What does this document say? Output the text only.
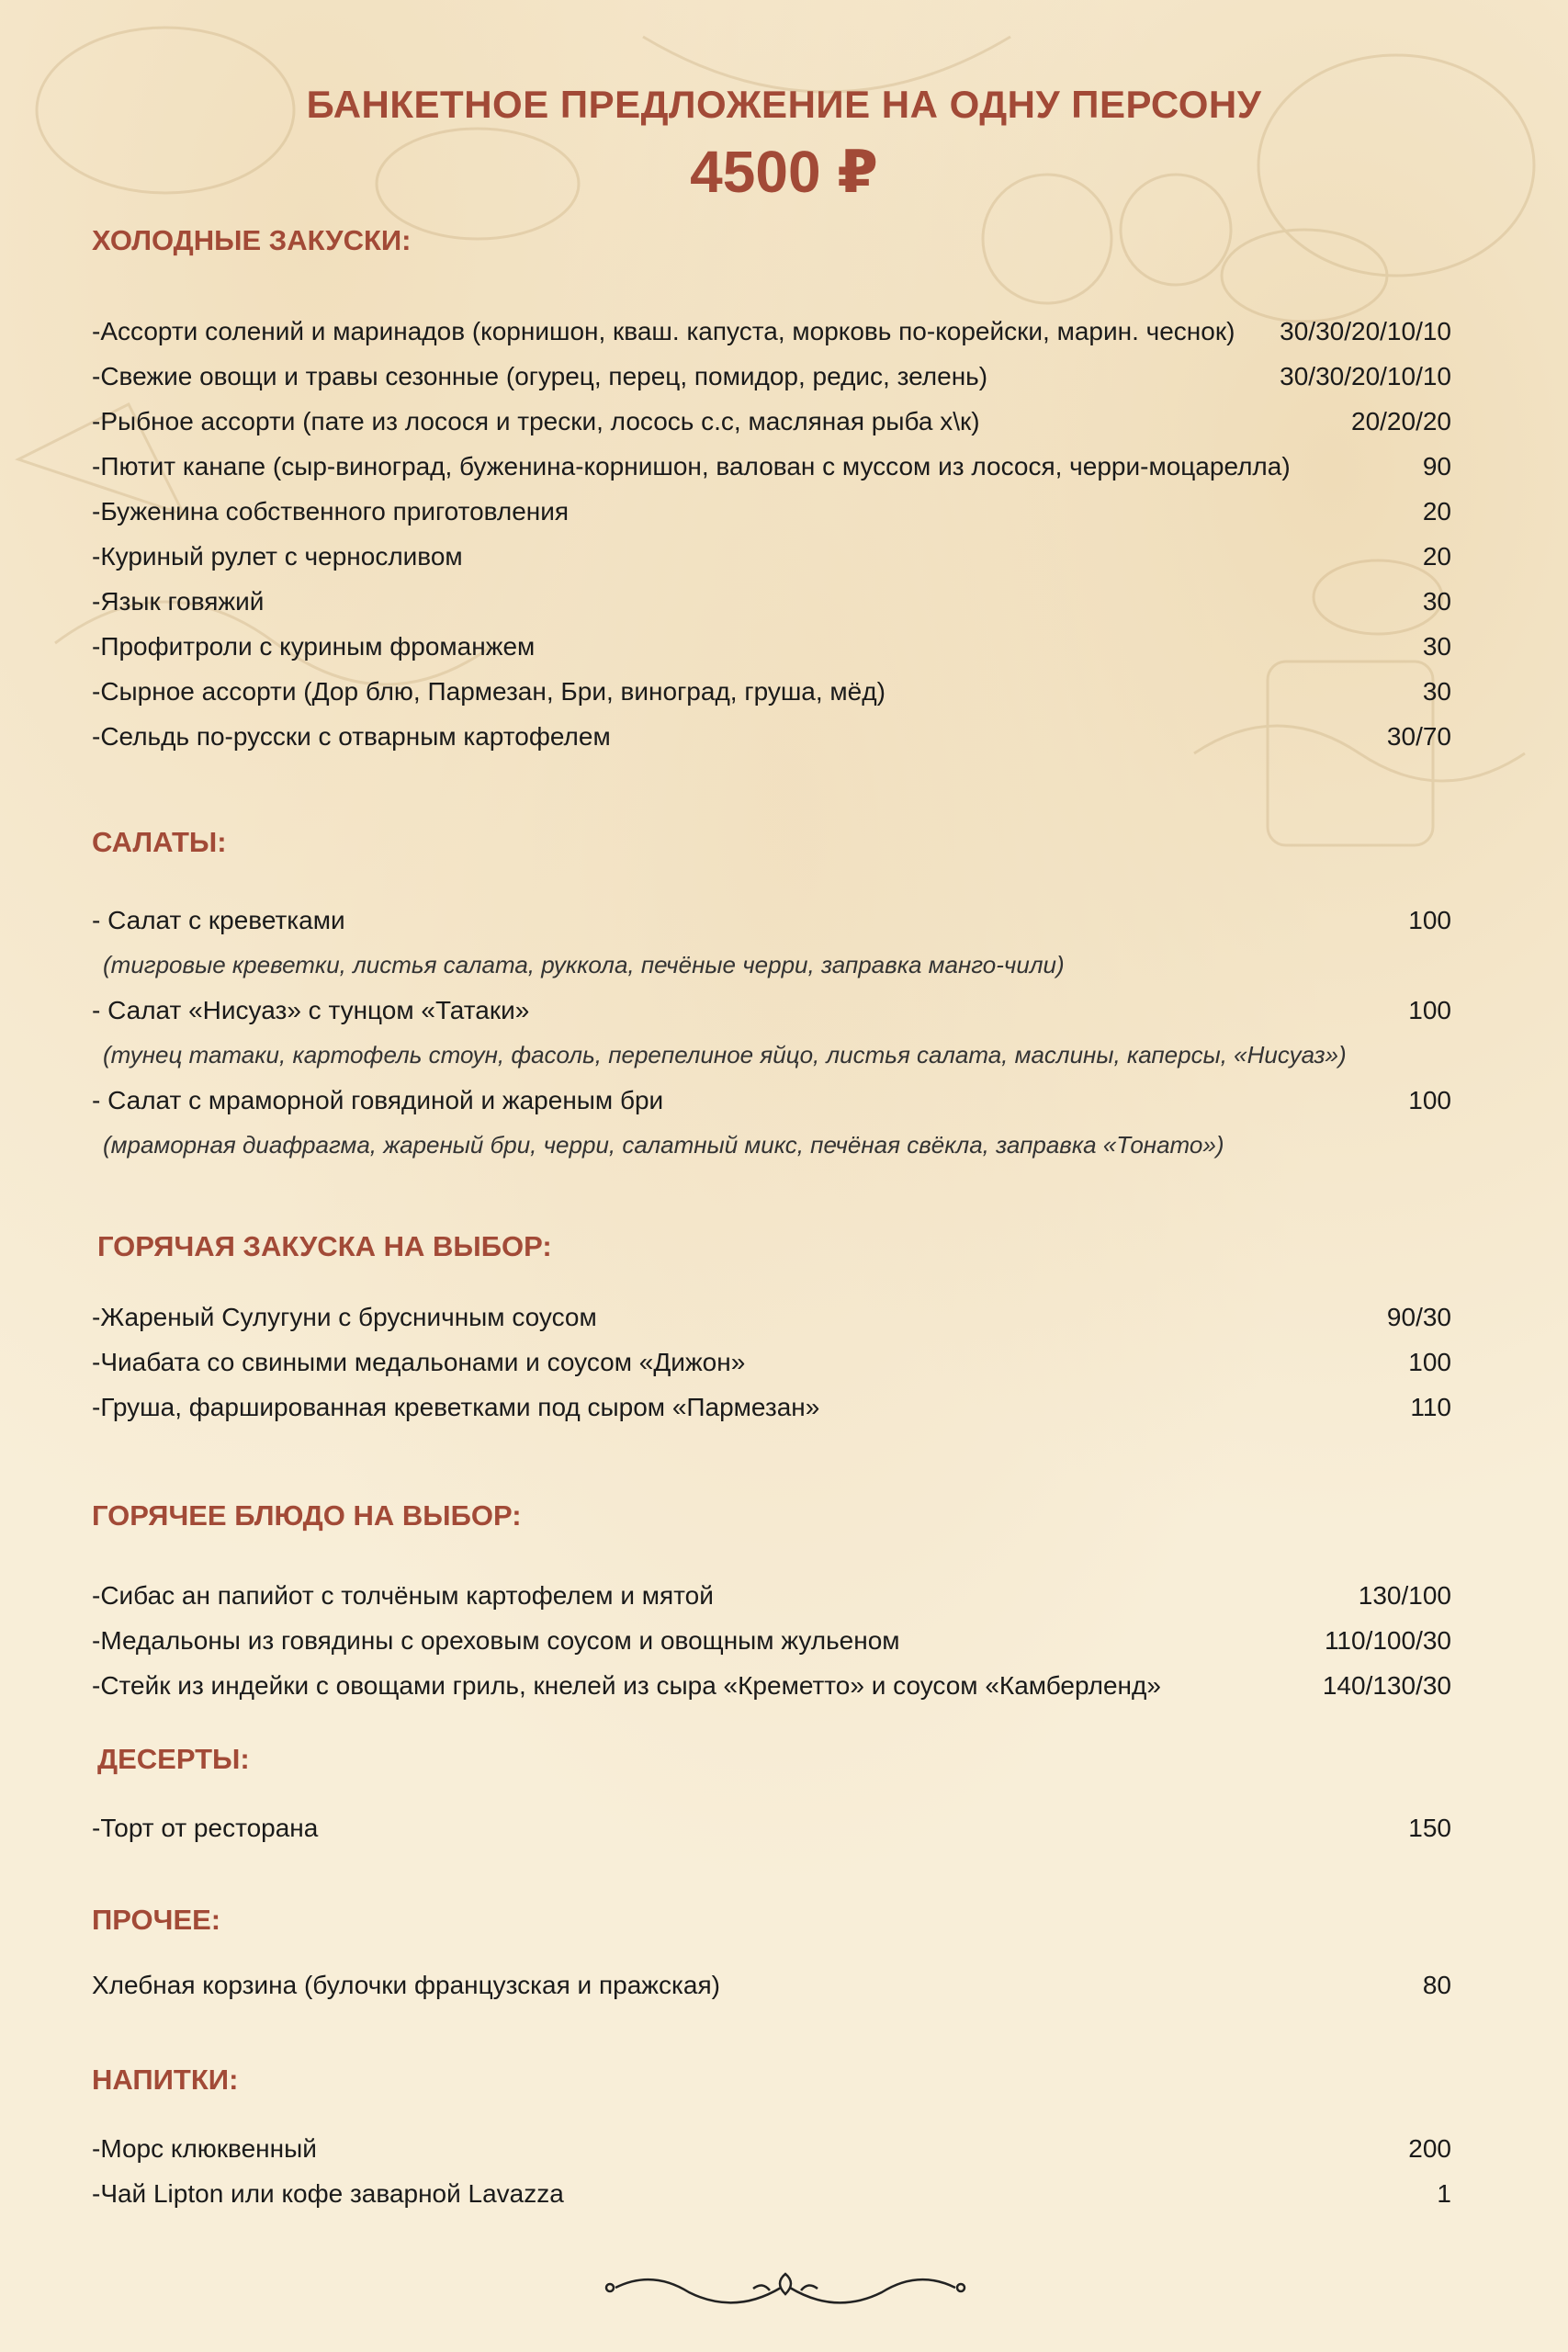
БАНКЕТНОЕ ПРЕДЛОЖЕНИЕ НА ОДНУ ПЕРСОНУ
4500 ₽
ХОЛОДНЫЕ ЗАКУСКИ:
-Ассорти солений и маринадов (корнишон, кваш. капуста, морковь по-корейски, марин. чеснок)	30/30/20/10/10
-Свежие овощи и травы сезонные (огурец, перец, помидор, редис, зелень)	30/30/20/10/10
-Рыбное ассорти (пате из лосося и трески, лосось с.с, масляная рыба х\к)	20/20/20
-Пютит канапе (сыр-виноград, буженина-корнишон, валован с муссом из лосося, черри-моцарелла)	90
-Буженина собственного приготовления	20
-Куриный рулет с черносливом	20
-Язык говяжий	30
-Профитроли с куриным фроманжем	30
-Сырное ассорти (Дор блю, Пармезан, Бри, виноград, груша, мёд)	30
-Сельдь по-русски с отварным картофелем	30/70
САЛАТЫ:
- Салат с креветками	100
(тигровые креветки, листья салата, руккола, печёные черри, заправка манго-чили)
- Салат «Нисуаз» с тунцом «Татаки»	100
(тунец татаки, картофель стоун, фасоль, перепелиное яйцо, листья салата, маслины, каперсы, «Нисуаз»)
- Салат с мраморной говядиной и жареным бри	100
(мраморная диафрагма, жареный бри, черри, салатный микс, печёная свёкла, заправка «Тонато»)
ГОРЯЧАЯ ЗАКУСКА НА ВЫБОР:
-Жареный Сулугуни с брусничным соусом	90/30
-Чиабата со свиными медальонами и соусом «Дижон»	100
-Груша, фаршированная креветками под сыром «Пармезан»	110
ГОРЯЧЕЕ БЛЮДО НА ВЫБОР:
-Сибас ан папийот с толчёным картофелем и мятой	130/100
-Медальоны из говядины с ореховым соусом и овощным жульеном	110/100/30
-Стейк из индейки с овощами гриль, кнелей из сыра «Креметто» и соусом «Камберленд»	140/130/30
ДЕСЕРТЫ:
-Торт от ресторана	150
ПРОЧЕЕ:
Хлебная корзина (булочки французская и пражская)	80
НАПИТКИ:
-Морс клюквенный	200
-Чай Lipton или кофе заварной Lavazza	1
